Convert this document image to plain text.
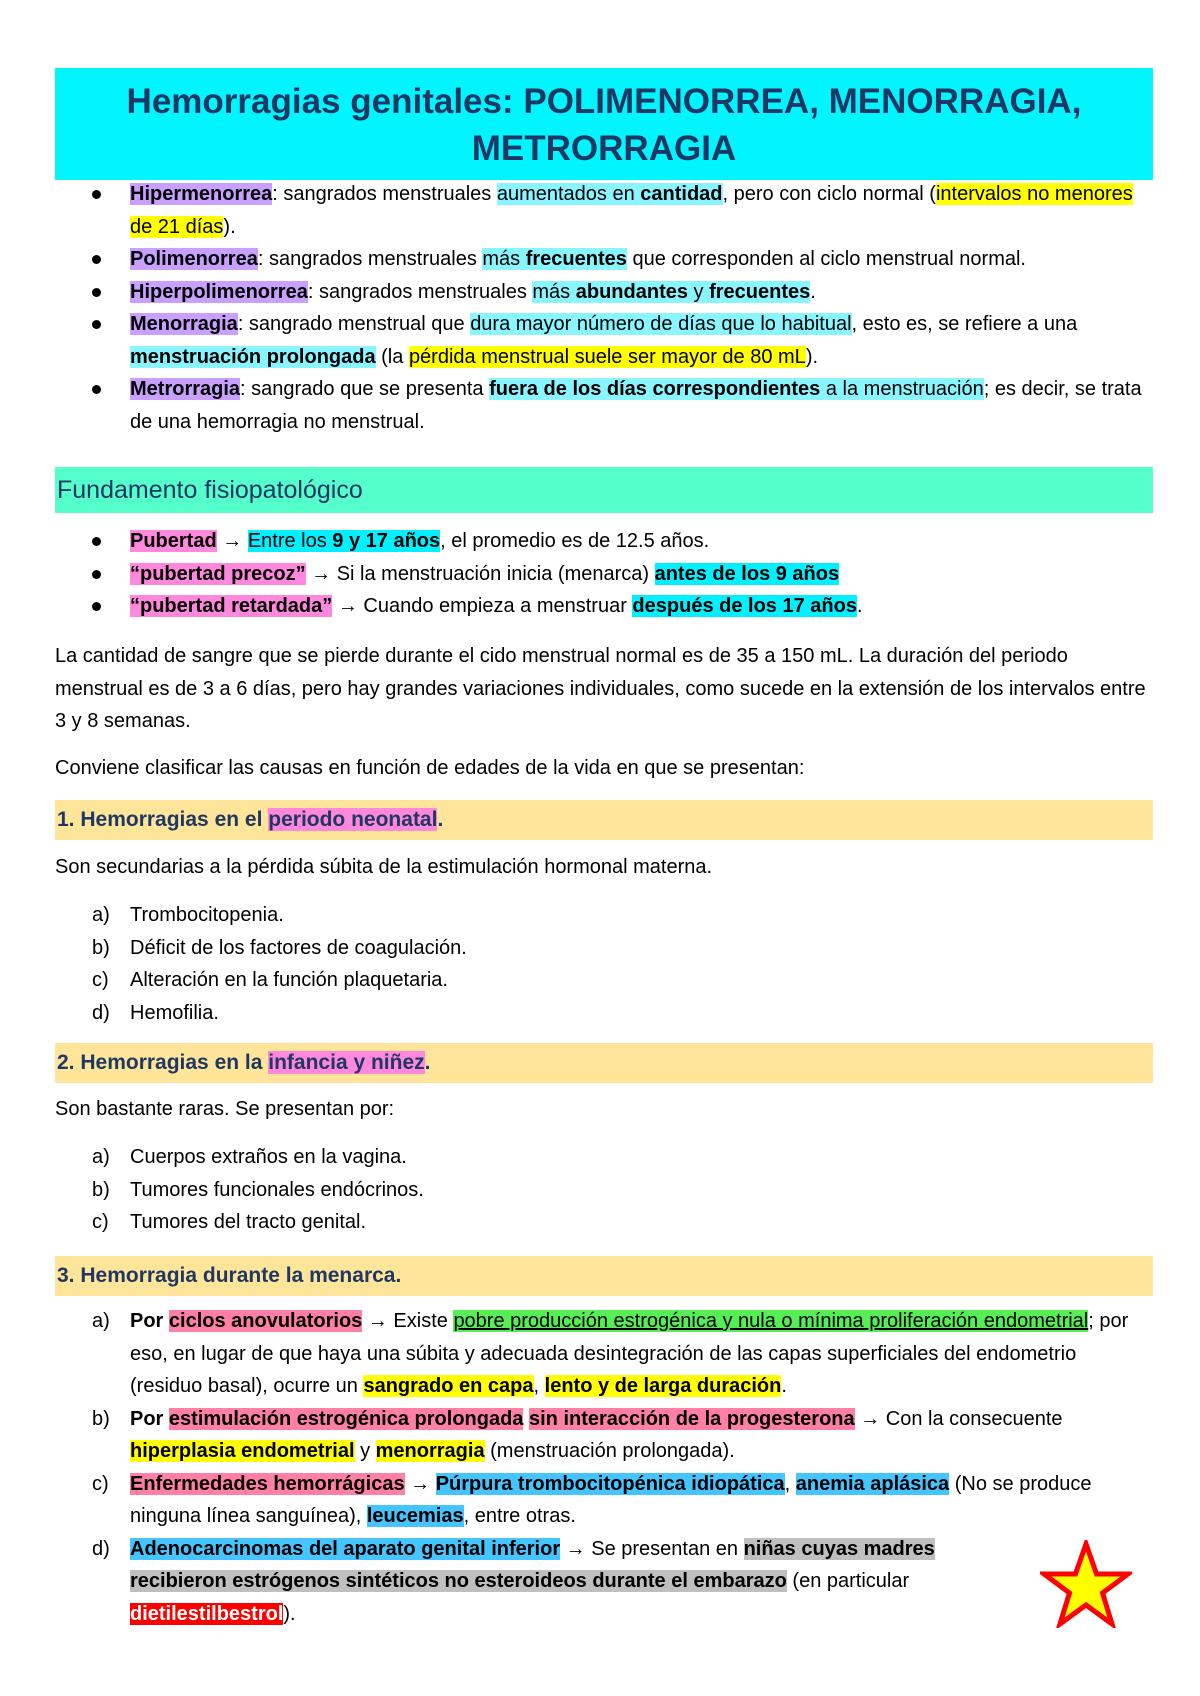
Hemorragias genitales: POLIMENORREA, MENORRAGIA,
METRORRAGIA
Hipermenorrea: sangrados menstruales aumentados en cantidad, pero con ciclo normal (intervalos no menores de 21 días).
Polimenorrea: sangrados menstruales más frecuentes que corresponden al ciclo menstrual normal.
Hiperpolimenorrea: sangrados menstruales más abundantes y frecuentes.
Menorragia: sangrado menstrual que dura mayor número de días que lo habitual, esto es, se refiere a una menstruación prolongada (la pérdida menstrual suele ser mayor de 80 mL).
Metrorragia: sangrado que se presenta fuera de los días correspondientes a la menstruación; es decir, se trata de una hemorragia no menstrual.
Fundamento fisiopatológico
Pubertad → Entre los 9 y 17 años, el promedio es de 12.5 años.
“pubertad precoz” → Si la menstruación inicia (menarca) antes de los 9 años
“pubertad retardada” → Cuando empieza a menstruar después de los 17 años.

La cantidad de sangre que se pierde durante el cido menstrual normal es de 35 a 150 mL. La duración del periodo menstrual es de 3 a 6 días, pero hay grandes variaciones individuales, como sucede en la extensión de los intervalos entre 3 y 8 semanas.

Conviene clasificar las causas en función de edades de la vida en que se presentan:

1. Hemorragias en el periodo neonatal.

Son secundarias a la pérdida súbita de la estimulación hormonal materna.

a) Trombocitopenia.
b) Déficit de los factores de coagulación.
c) Alteración en la función plaquetaria.
d) Hemofilia.
2. Hemorragias en la infancia y niñez.

Son bastante raras. Se presentan por:

a) Cuerpos extraños en la vagina.
b) Tumores funcionales endócrinos.
c) Tumores del tracto genital.
3. Hemorragia durante la menarca.
a) Por ciclos anovulatorios → Existe pobre producción estrogénica y nula o mínima proliferación endometrial; por eso, en lugar de que haya una súbita y adecuada desintegración de las capas superficiales del endometrio (residuo basal), ocurre un sangrado en capa, lento y de larga duración.
b) Por estimulación estrogénica prolongada sin interacción de la progesterona → Con la consecuente hiperplasia endometrial y menorragia (menstruación prolongada).
c) Enfermedades hemorrágicas → Púrpura trombocitopénica idiopática, anemia aplásica (No se produce ninguna línea sanguínea), leucemias, entre otras.
d) Adenocarcinomas del aparato genital inferior → Se presentan en niñas cuyas madres recibieron estrógenos sintéticos no esteroideos durante el embarazo (en particular dietilestilbestrol).
